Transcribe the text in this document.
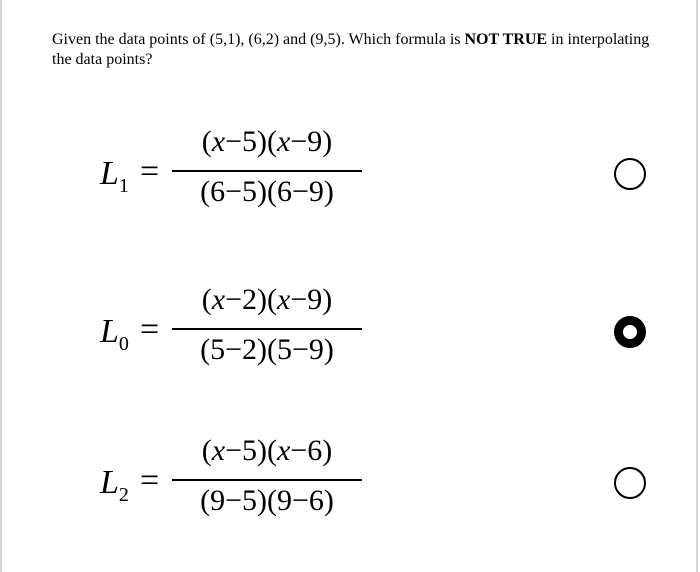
Given the data points of (5,1), (6,2) and (9,5). Which formula is NOT TRUE in interpolating the data points?
$L_1$ =
(x−5)(x−9)
(6−5)(6−9)
$L_0$ =
(x−2)(x−9)
(5−2)(5−9)
$L_2$ =
(x−5)(x−6)
(9−5)(9−6)
